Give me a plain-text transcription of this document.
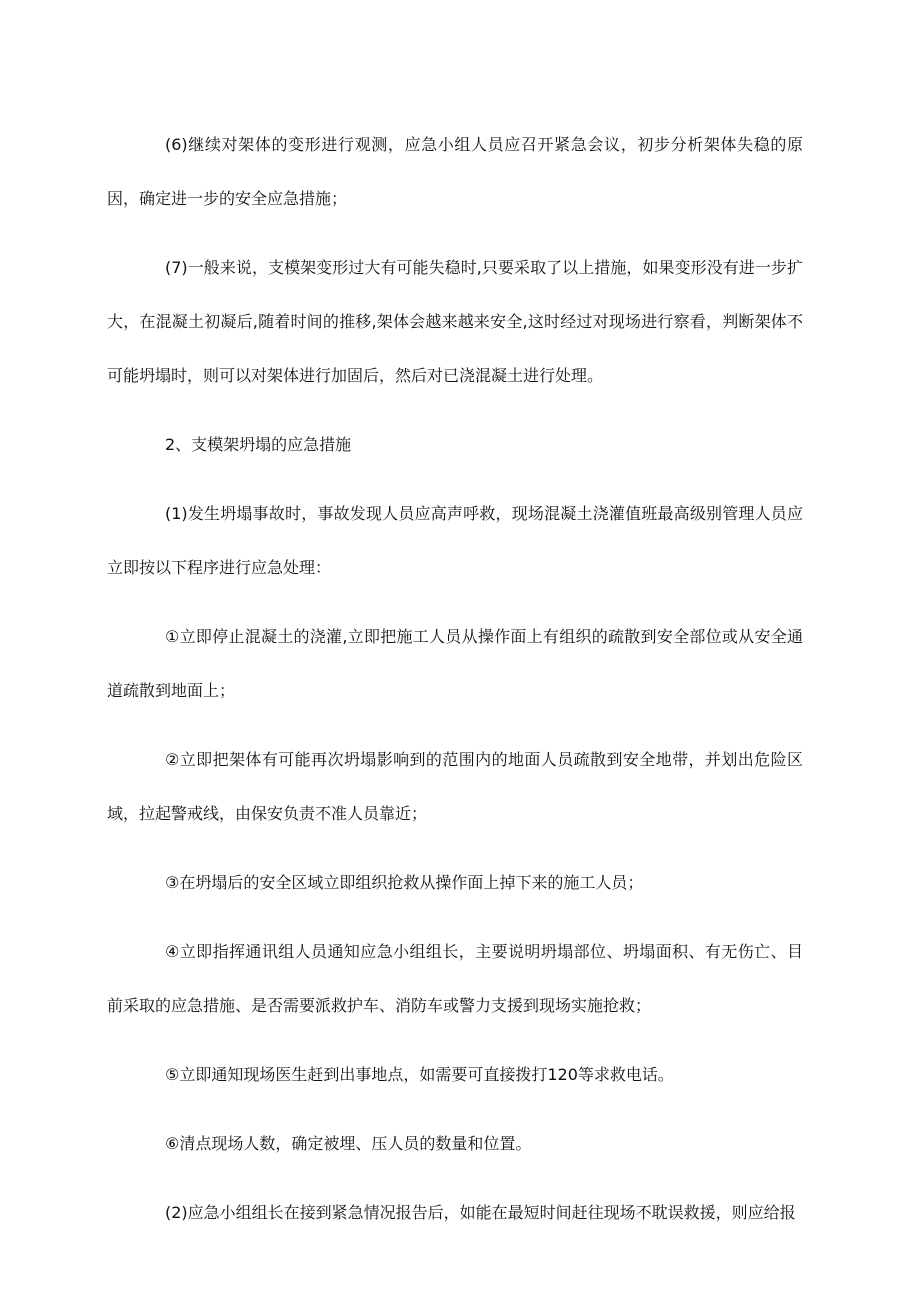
(6)继续对架体的变形进行观测，应急小组人员应召开紧急会议，初步分析架体失稳的原因，确定进一步的安全应急措施；

(7)一般来说，支模架变形过大有可能失稳时,只要采取了以上措施，如果变形没有进一步扩大，在混凝土初凝后,随着时间的推移,架体会越来越来安全,这时经过对现场进行察看，判断架体不可能坍塌时，则可以对架体进行加固后，然后对已浇混凝土进行处理。

2、支模架坍塌的应急措施

(1)发生坍塌事故时，事故发现人员应高声呼救，现场混凝土浇灌值班最高级别管理人员应立即按以下程序进行应急处理：

①立即停止混凝土的浇灌,立即把施工人员从操作面上有组织的疏散到安全部位或从安全通道疏散到地面上；

②立即把架体有可能再次坍塌影响到的范围内的地面人员疏散到安全地带，并划出危险区域，拉起警戒线，由保安负责不准人员靠近；

③在坍塌后的安全区域立即组织抢救从操作面上掉下来的施工人员；

④立即指挥通讯组人员通知应急小组组长，主要说明坍塌部位、坍塌面积、有无伤亡、目前采取的应急措施、是否需要派救护车、消防车或警力支援到现场实施抢救；

⑤立即通知现场医生赶到出事地点，如需要可直接拨打120等求救电话。

⑥清点现场人数，确定被埋、压人员的数量和位置。

(2)应急小组组长在接到紧急情况报告后，如能在最短时间赶往现场不耽误救援，则应给报
